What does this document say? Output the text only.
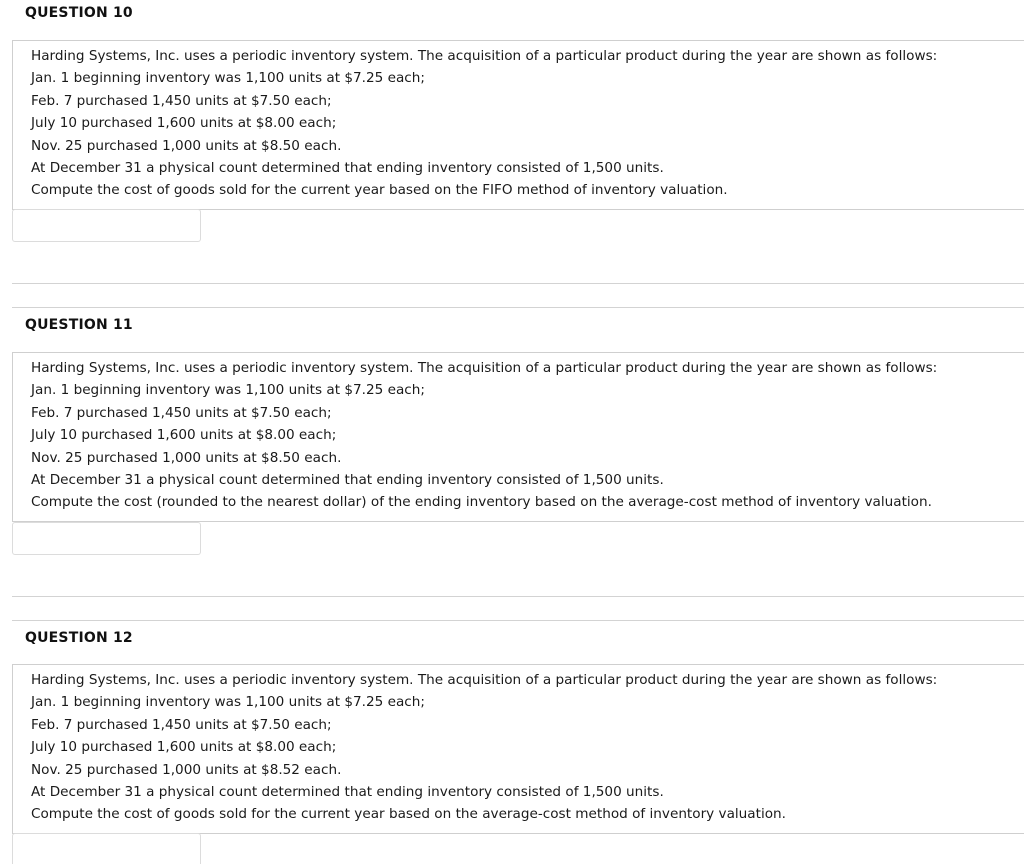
QUESTION 10
Harding Systems, Inc. uses a periodic inventory system. The acquisition of a particular product during the year are shown as follows:
Jan. 1 beginning inventory was 1,100 units at $7.25 each;
Feb. 7 purchased 1,450 units at $7.50 each;
July 10 purchased 1,600 units at $8.00 each;
Nov. 25 purchased 1,000 units at $8.50 each.
At December 31 a physical count determined that ending inventory consisted of 1,500 units.
Compute the cost of goods sold for the current year based on the FIFO method of inventory valuation.
QUESTION 11
Harding Systems, Inc. uses a periodic inventory system. The acquisition of a particular product during the year are shown as follows:
Jan. 1 beginning inventory was 1,100 units at $7.25 each;
Feb. 7 purchased 1,450 units at $7.50 each;
July 10 purchased 1,600 units at $8.00 each;
Nov. 25 purchased 1,000 units at $8.50 each.
At December 31 a physical count determined that ending inventory consisted of 1,500 units.
Compute the cost (rounded to the nearest dollar) of the ending inventory based on the average-cost method of inventory valuation.
QUESTION 12
Harding Systems, Inc. uses a periodic inventory system. The acquisition of a particular product during the year are shown as follows:
Jan. 1 beginning inventory was 1,100 units at $7.25 each;
Feb. 7 purchased 1,450 units at $7.50 each;
July 10 purchased 1,600 units at $8.00 each;
Nov. 25 purchased 1,000 units at $8.52 each.
At December 31 a physical count determined that ending inventory consisted of 1,500 units.
Compute the cost of goods sold for the current year based on the average-cost method of inventory valuation.
